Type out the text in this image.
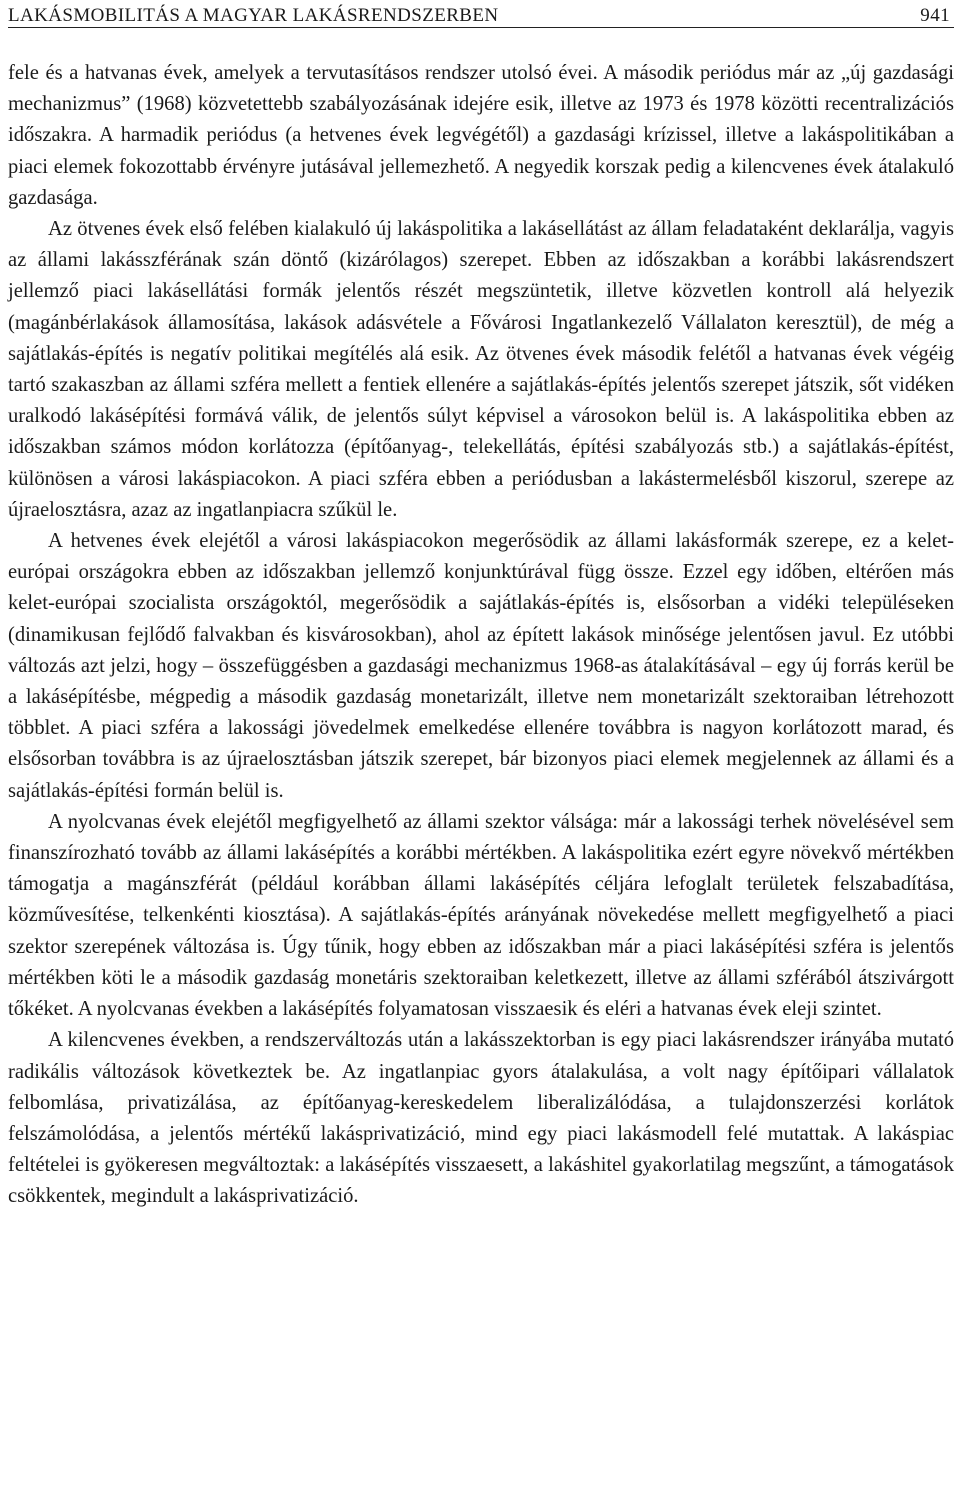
LAKÁSMOBILITÁS A MAGYAR LAKÁSRENDSZERBEN	941

fele és a hatvanas évek, amelyek a tervutasításos rendszer utolsó évei. A második periódus már az „új gazdasági mechanizmus” (1968) közvetettebb szabályozásának idejére esik, illetve az 1973 és 1978 közötti recentralizációs időszakra. A harmadik periódus (a hetvenes évek legvégétől) a gazdasági krízissel, illetve a lakáspolitikában a piaci elemek fokozottabb érvényre jutásával jellemezhető. A negyedik korszak pedig a kilencvenes évek átalakuló gazdasága.

Az ötvenes évek első felében kialakuló új lakáspolitika a lakásellátást az állam feladataként deklarálja, vagyis az állami lakásszférának szán döntő (kizárólagos) szerepet. Ebben az időszakban a korábbi lakásrendszert jellemző piaci lakásellátási formák jelentős részét megszüntetik, illetve közvetlen kontroll alá helyezik (magánbérlakások államosítása, lakások adásvétele a Fővárosi Ingatlankezelő Vállalaton keresztül), de még a sajátlakás-építés is negatív politikai megítélés alá esik. Az ötvenes évek második felétől a hatvanas évek végéig tartó szakaszban az állami szféra mellett a fentiek ellenére a sajátlakás-építés jelentős szerepet játszik, sőt vidéken uralkodó lakásépítési formává válik, de jelentős súlyt képvisel a városokon belül is. A lakáspolitika ebben az időszakban számos módon korlátozza (építőanyag-, telekellátás, építési szabályozás stb.) a sajátlakás-építést, különösen a városi lakáspiacokon. A piaci szféra ebben a periódusban a lakástermelésből kiszorul, szerepe az újraelosztásra, azaz az ingatlanpiacra szűkül le.

A hetvenes évek elejétől a városi lakáspiacokon megerősödik az állami lakásformák szerepe, ez a kelet-európai országokra ebben az időszakban jellemző konjunktúrával függ össze. Ezzel egy időben, eltérően más kelet-európai szocialista országoktól, megerősödik a sajátlakás-építés is, elsősorban a vidéki településeken (dinamikusan fejlődő falvakban és kisvárosokban), ahol az épített lakások minősége jelentősen javul. Ez utóbbi változás azt jelzi, hogy – összefüggésben a gazdasági mechanizmus 1968-as átalakításával – egy új forrás kerül be a lakásépítésbe, mégpedig a második gazdaság monetarizált, illetve nem monetarizált szektoraiban létrehozott többlet. A piaci szféra a lakossági jövedelmek emelkedése ellenére továbbra is nagyon korlátozott marad, és elsősorban továbbra is az újraelosztásban játszik szerepet, bár bizonyos piaci elemek megjelennek az állami és a sajátlakás-építési formán belül is.

A nyolcvanas évek elejétől megfigyelhető az állami szektor válsága: már a lakossági terhek növelésével sem finanszírozható tovább az állami lakásépítés a korábbi mértékben. A lakáspolitika ezért egyre növekvő mértékben támogatja a magánszférát (például korábban állami lakásépítés céljára lefoglalt területek felszabadítása, közművesítése, telkenkénti kiosztása). A sajátlakás-építés arányának növekedése mellett megfigyelhető a piaci szektor szerepének változása is. Úgy tűnik, hogy ebben az időszakban már a piaci lakásépítési szféra is jelentős mértékben köti le a második gazdaság monetáris szektoraiban keletkezett, illetve az állami szférából átszivárgott tőkéket. A nyolcvanas években a lakásépítés folyamatosan visszaesik és eléri a hatvanas évek eleji szintet.

A kilencvenes években, a rendszerváltozás után a lakásszektorban is egy piaci lakásrendszer irányába mutató radikális változások következtek be. Az ingatlanpiac gyors átalakulása, a volt nagy építőipari vállalatok felbomlása, privatizálása, az építőanyag-kereskedelem liberalizálódása, a tulajdonszerzési korlátok felszámolódása, a jelentős mértékű lakásprivatizáció, mind egy piaci lakásmodell felé mutattak. A lakáspiac feltételei is gyökeresen megváltoztak: a lakásépítés visszaesett, a lakáshitel gyakorlatilag megszűnt, a támogatások csökkentek, megindult a lakásprivatizáció.
